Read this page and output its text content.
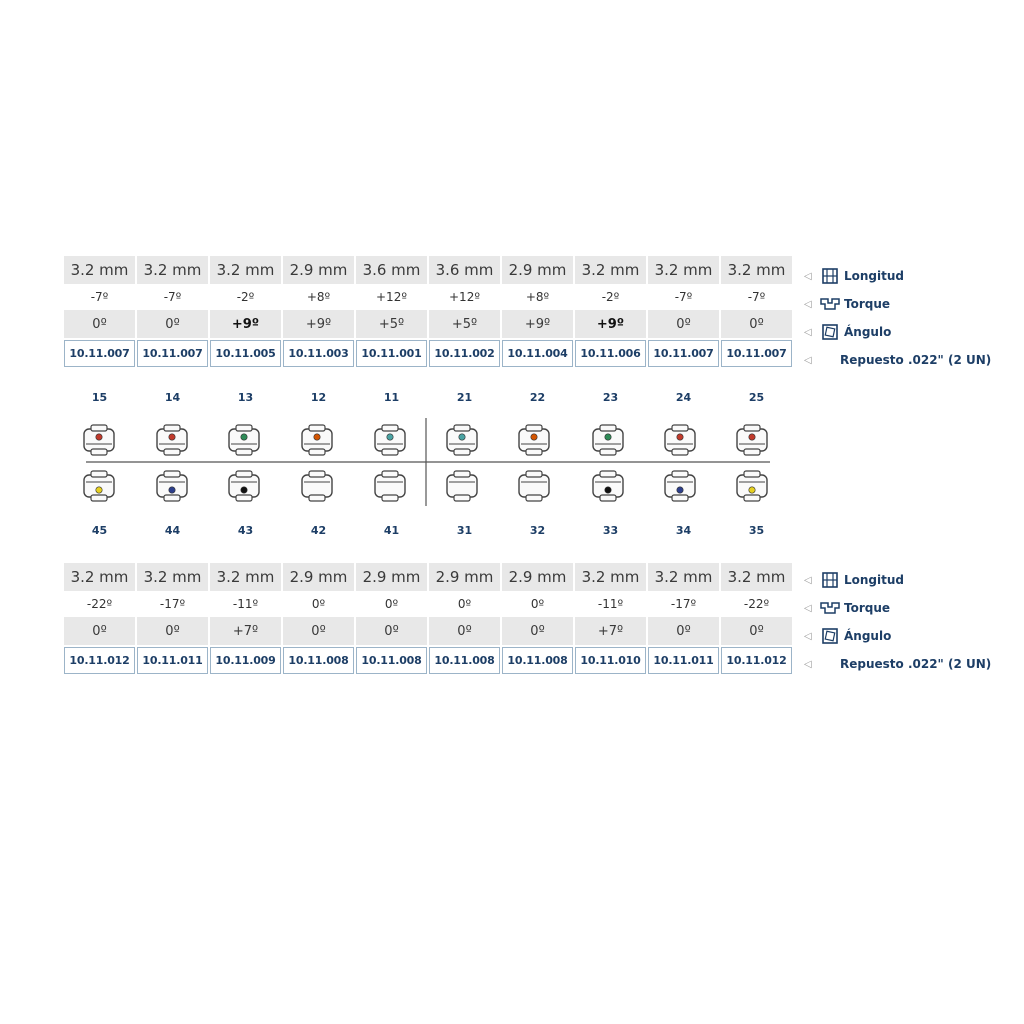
3.2 mm	3.2 mm	3.2 mm	2.9 mm	3.6 mm	3.6 mm	2.9 mm	3.2 mm	3.2 mm	3.2 mm
-7º	-7º	-2º	+8º	+12º	+12º	+8º	-2º	-7º	-7º
0º	0º	+9º	+9º	+5º	+5º	+9º	+9º	0º	0º
10.11.007	10.11.007	10.11.005	10.11.003	10.11.001	10.11.002	10.11.004	10.11.006	10.11.007	10.11.007
◁	Longitud
◁	Torque
◁	Ángulo
◁	Repuesto .022" (2 UN)
15	14	13	12	11	21	22	23	24	25
45	44	43	42	41	31	32	33	34	35
3.2 mm	3.2 mm	3.2 mm	2.9 mm	2.9 mm	2.9 mm	2.9 mm	3.2 mm	3.2 mm	3.2 mm
-22º	-17º	-11º	0º	0º	0º	0º	-11º	-17º	-22º
0º	0º	+7º	0º	0º	0º	0º	+7º	0º	0º
10.11.012	10.11.011	10.11.009	10.11.008	10.11.008	10.11.008	10.11.008	10.11.010	10.11.011	10.11.012
◁	Longitud
◁	Torque
◁	Ángulo
◁	Repuesto .022" (2 UN)
